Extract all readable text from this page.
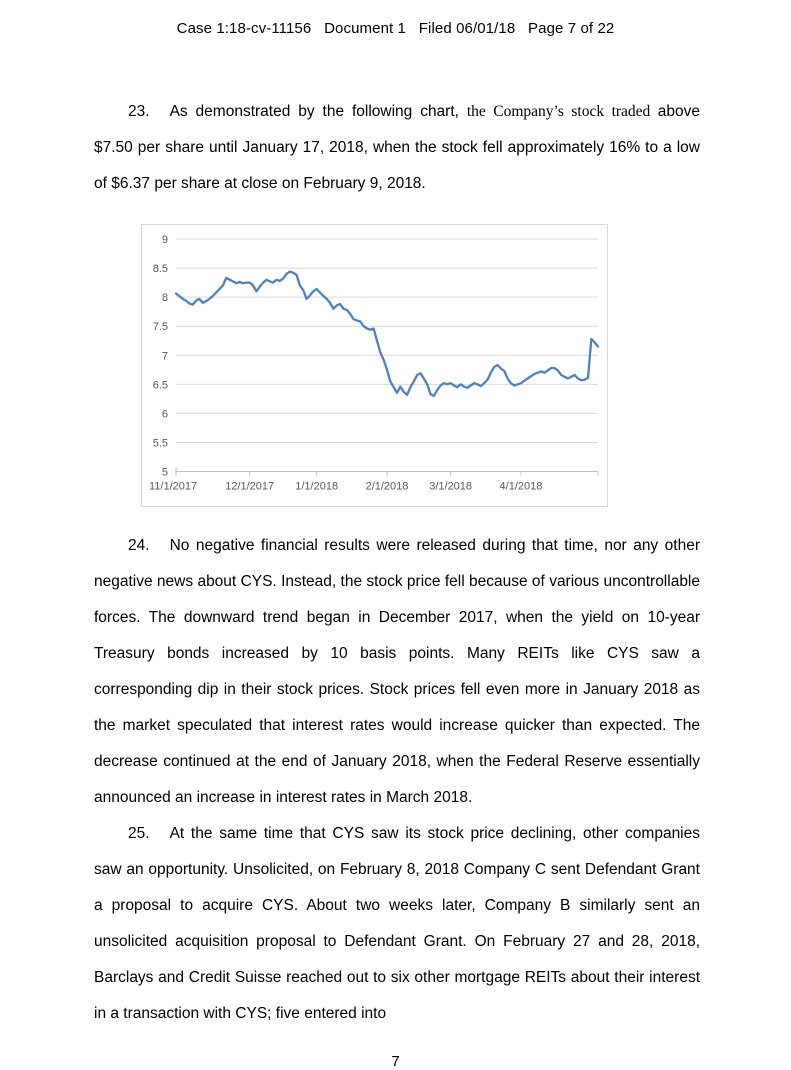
Case 1:18-cv-11156   Document 1   Filed 06/01/18   Page 7 of 22

23. As demonstrated by the following chart, the Company’s stock traded above $7.50 per share until January 17, 2018, when the stock fell approximately 16% to a low of $6.37 per share at close on February 9, 2018.

9
8.5
8
7.5
7
6.5
6
5.5
5
11/1/2017	12/1/2017 1/1/2018	2/1/2018 3/1/2018	4/1/2018

24. No negative financial results were released during that time, nor any other negative news about CYS. Instead, the stock price fell because of various uncontrollable forces. The downward trend began in December 2017, when the yield on 10-year Treasury bonds increased by 10 basis points. Many REITs like CYS saw a corresponding dip in their stock prices. Stock prices fell even more in January 2018 as the market speculated that interest rates would increase quicker than expected. The decrease continued at the end of January 2018, when the Federal Reserve essentially announced an increase in interest rates in March 2018.

25. At the same time that CYS saw its stock price declining, other companies saw an opportunity. Unsolicited, on February 8, 2018 Company C sent Defendant Grant a proposal to acquire CYS. About two weeks later, Company B similarly sent an unsolicited acquisition proposal to Defendant Grant. On February 27 and 28, 2018, Barclays and Credit Suisse reached out to six other mortgage REITs about their interest in a transaction with CYS; five entered into

7
